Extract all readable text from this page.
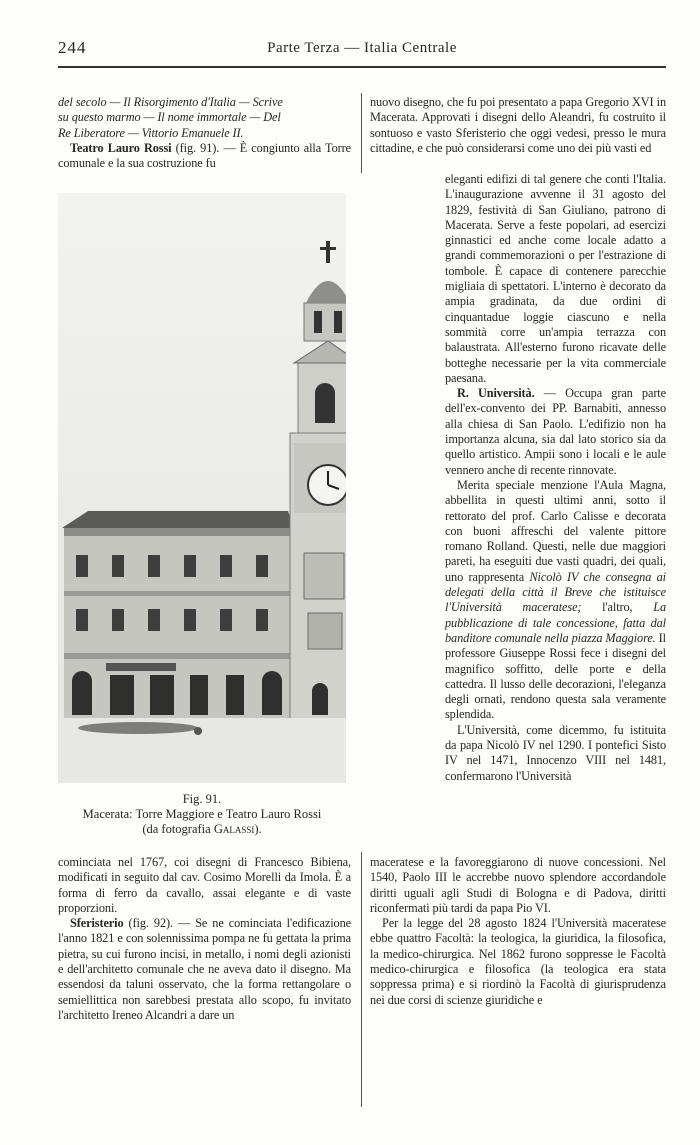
244	Parte Terza — Italia Centrale

del secolo — Il Risorgimento d'Italia — Scrive
su questo marmo — Il nome immortale — Del
Re Liberatore — Vittorio Emanuele II.

Teatro Lauro Rossi (fig. 91). — È congiunto alla Torre comunale e la sua costruzione fu

Fig. 91.
Macerata: Torre Maggiore e Teatro Lauro Rossi
(da fotografia Galassi).

cominciata nel 1767, coi disegni di Francesco Bibiena, modificati in seguito dal cav. Cosimo Morelli da Imola. È a forma di ferro da cavallo, assai elegante e di vaste proporzioni.

Sferisterio (fig. 92). — Se ne cominciata l'edificazione l'anno 1821 e con solennissima pompa ne fu gettata la prima pietra, su cui furono incisi, in metallo, i nomi degli azionisti e dell'architetto comunale che ne aveva dato il disegno. Ma essendosi da taluni osservato, che la forma rettangolare o semiellittica non sarebbesi prestata allo scopo, fu invitato l'architetto Ireneo Alcandri a dare un

nuovo disegno, che fu poi presentato a papa Gregorio XVI in Macerata. Approvati i disegni dello Aleandri, fu costruito il sontuoso e vasto Sferisterio che oggi vedesi, presso le mura cittadine, e che può considerarsi come uno dei più vasti ed

eleganti edifizi di tal genere che conti l'Italia. L'inaugurazione avvenne il 31 agosto del 1829, festività di San Giuliano, patrono di Macerata. Serve a feste popolari, ad esercizi ginnastici ed anche come locale adatto a grandi commemorazioni o per l'estrazione di tombole. È capace di contenere parecchie migliaia di spettatori. L'interno è decorato da ampia gradinata, da due ordini di cinquantadue loggie ciascuno e nella sommità corre un'ampia terrazza con balaustrata. All'esterno furono ricavate delle botteghe necessarie per la vita commerciale paesana.

R. Università. — Occupa gran parte dell'ex-convento dei PP. Barnabiti, annesso alla chiesa di San Paolo. L'edifizio non ha importanza alcuna, sia dal lato storico sia da quello artistico. Ampii sono i locali e le aule vennero anche di recente rinnovate.

Merita speciale menzione l'Aula Magna, abbellita in questi ultimi anni, sotto il rettorato del prof. Carlo Calisse e decorata con buoni affreschi del valente pittore romano Rolland. Questi, nelle due maggiori pareti, ha eseguiti due vasti quadri, dei quali, uno rappresenta Nicolò IV che consegna ai delegati della città il Breve che istituisce l'Università maceratese; l'altro, La pubblicazione di tale concessione, fatta dal banditore comunale nella piazza Maggiore. Il professore Giuseppe Rossi fece i disegni del magnifico soffitto, delle porte e della cattedra. Il lusso delle decorazioni, l'eleganza degli ornati, rendono questa sala veramente splendida.

L'Università, come dicemmo, fu istituita da papa Nicolò IV nel 1290. I pontefici Sisto IV nel 1471, Innocenzo VIII nel 1481, confermarono l'Università

maceratese e la favoreggiarono di nuove concessioni. Nel 1540, Paolo III le accrebbe nuovo splendore accordandole diritti uguali agli Studi di Bologna e di Padova, diritti riconfermati più tardi da papa Pio VI.

Per la legge del 28 agosto 1824 l'Università maceratese ebbe quattro Facoltà: la teologica, la giuridica, la filosofica, la medico-chirurgica. Nel 1862 furono soppresse le Facoltà medico-chirurgica e filosofica (la teologica era stata soppressa prima) e si riordinò la Facoltà di giurisprudenza nei due corsi di scienze giuridiche e
